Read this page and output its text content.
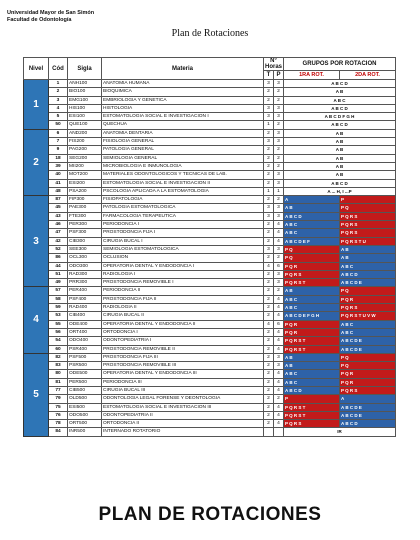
Universidad Mayor de San Simón
Facultad de Odontología
Plan de Rotaciones
Nivel	Cód	Sigla	Materia	N° Horas		GRUPOS POR ROTACION	
				T	P	1RA ROT.	2DA ROT.
1	1	ANH100	ANATOMIA HUMANA	3	3	A B C D	
	2	BIO100	BIOQUIMICA	2	2	A B	
	3	EMG100	EMBRIOLOGIA Y GENETICA	2	2	A B C	
	4	HIS100	HISTOLOGIA	3	3	A B C D	
	5	ESI100	ESTOMATOLOGIA SOCIAL E INVESTIGACION I	3	3	A B C D F G H	
	50	QUE100	QUECHUA	1	2	A B C D	
2	6	AND200	ANATOMIA DENTARIA	2	3	A B	
	7	FIS200	FISIOLOGIA GENERAL	3	3	A B	
	9	PAG200	PATOLOGIA GENERAL	2	2	A B	
	18	SEG200	SEMIOLOGIA GENERAL	2	2	A B	
	39	MII200	MICROBIOLOGIA E INMUNOLOGIA	2	2	A B	
	40	MOT200	MATERIALES ODONTOLOGICOS Y TECNICAS DE LAB.	2	3	A B	
	41	ESI200	ESTOMATOLOGIA SOCIAL E INVESTIGACION II	2	3	A B C D	
	48	PSA200	PSCOLOGIA APLICADA A LA ESTOMATOLOGIA	1	1	A ... H, I ...P	
3	87	FIP300	FISIOPATOLOGIA	2	2	A	P
	45	PAE300	PATOLOGIA ESTOMATOLOGICA	3	3	A B	P Q
	43	FTE300	FARMACOLOGIA TERAPEUTICA	3	3	A B C D	P Q R S
	46	PER300	PERIODONCIA I	2	4	A B C	P Q R S
	47	PSF300	PROSTODONCIA FIJA I	2	4	A B C	P Q R S
	42	CIB300	CIRUGIA BUCAL I	2	4	A B C D E F	P Q R S T U
	52	SEE300	SEMIOLOGIA ESTOMATOLOGICA	3	3	P Q	A B
	86	OCL300	OCLUSION	2	2	P Q	A B
	44	ODO300	OPERATORIA DENTAL Y ENDODONCIA I	4	6	P Q R	A B C
	51	RAD300	RADIOLOGIA I	2	3	P Q R S	A B C D
	49	PRR300	PROSTODONCIA REMOVIBLE I	2	3	P Q R S T	A B C D E
4	57	PER400	PERIODONCIA II	2	2	A B	P Q
	58	PSF400	PROSTODONCIA FIJA II	2	4	A B C	P Q R
	59	RAD400	RADIOLOGIA II	2	4	A B C	P Q R S
	53	CIB400	CIRUGIA BUCAL II	2	4	A B C D E F G H	P Q R S T U V W
	55	ODE400	OPERATORIA DENTAL Y ENDODONCIA II	4	6	P Q R	A B C
	56	ORT400	ORTODONCIA I	2	4	P Q R	A B C
	54	ODO400	ODONTOPEDIATRIA I	2	4	P Q R S T	A B C D E
	60	PSR400	PROSTODONCIA REMOVIBLE II	2	4	P Q R S T	A B C D E
5	82	PSF500	PROSTODONCIA FIJA III	2	3	A B	P Q
	83	PSR500	PROSTODONCIA REMOVIBLE III	2	3	A B	P Q
	80	ODE500	OPERATORIA DENTAL Y ENDODONCIA III	2	4	A B C	P Q R
	81	PER500	PERIODONCIA III	2	4	A B C	P Q R
	77	CIB500	CIRUGIA BUCAL III	2	4	A B C D	P Q R S
	79	OLD500	ODONTOLOGIA LEGAL FORENSE Y DEONTOLOGIA	2	2	P	A
	75	ESI500	ESTOMATOLOGIA SOCIAL E INVESTIGACION III	2	4	P Q R S T	A B C D E
	76	ODO500	ODONTOPEDIATRIA II	2	4	P Q R S T	A B C D E
	78	ORT500	ORTODONCIA II	2	4	P Q R S	A B C D
	84	INR500	INTERNADO ROTATORIO			IR	
PLAN DE ROTACIONES
